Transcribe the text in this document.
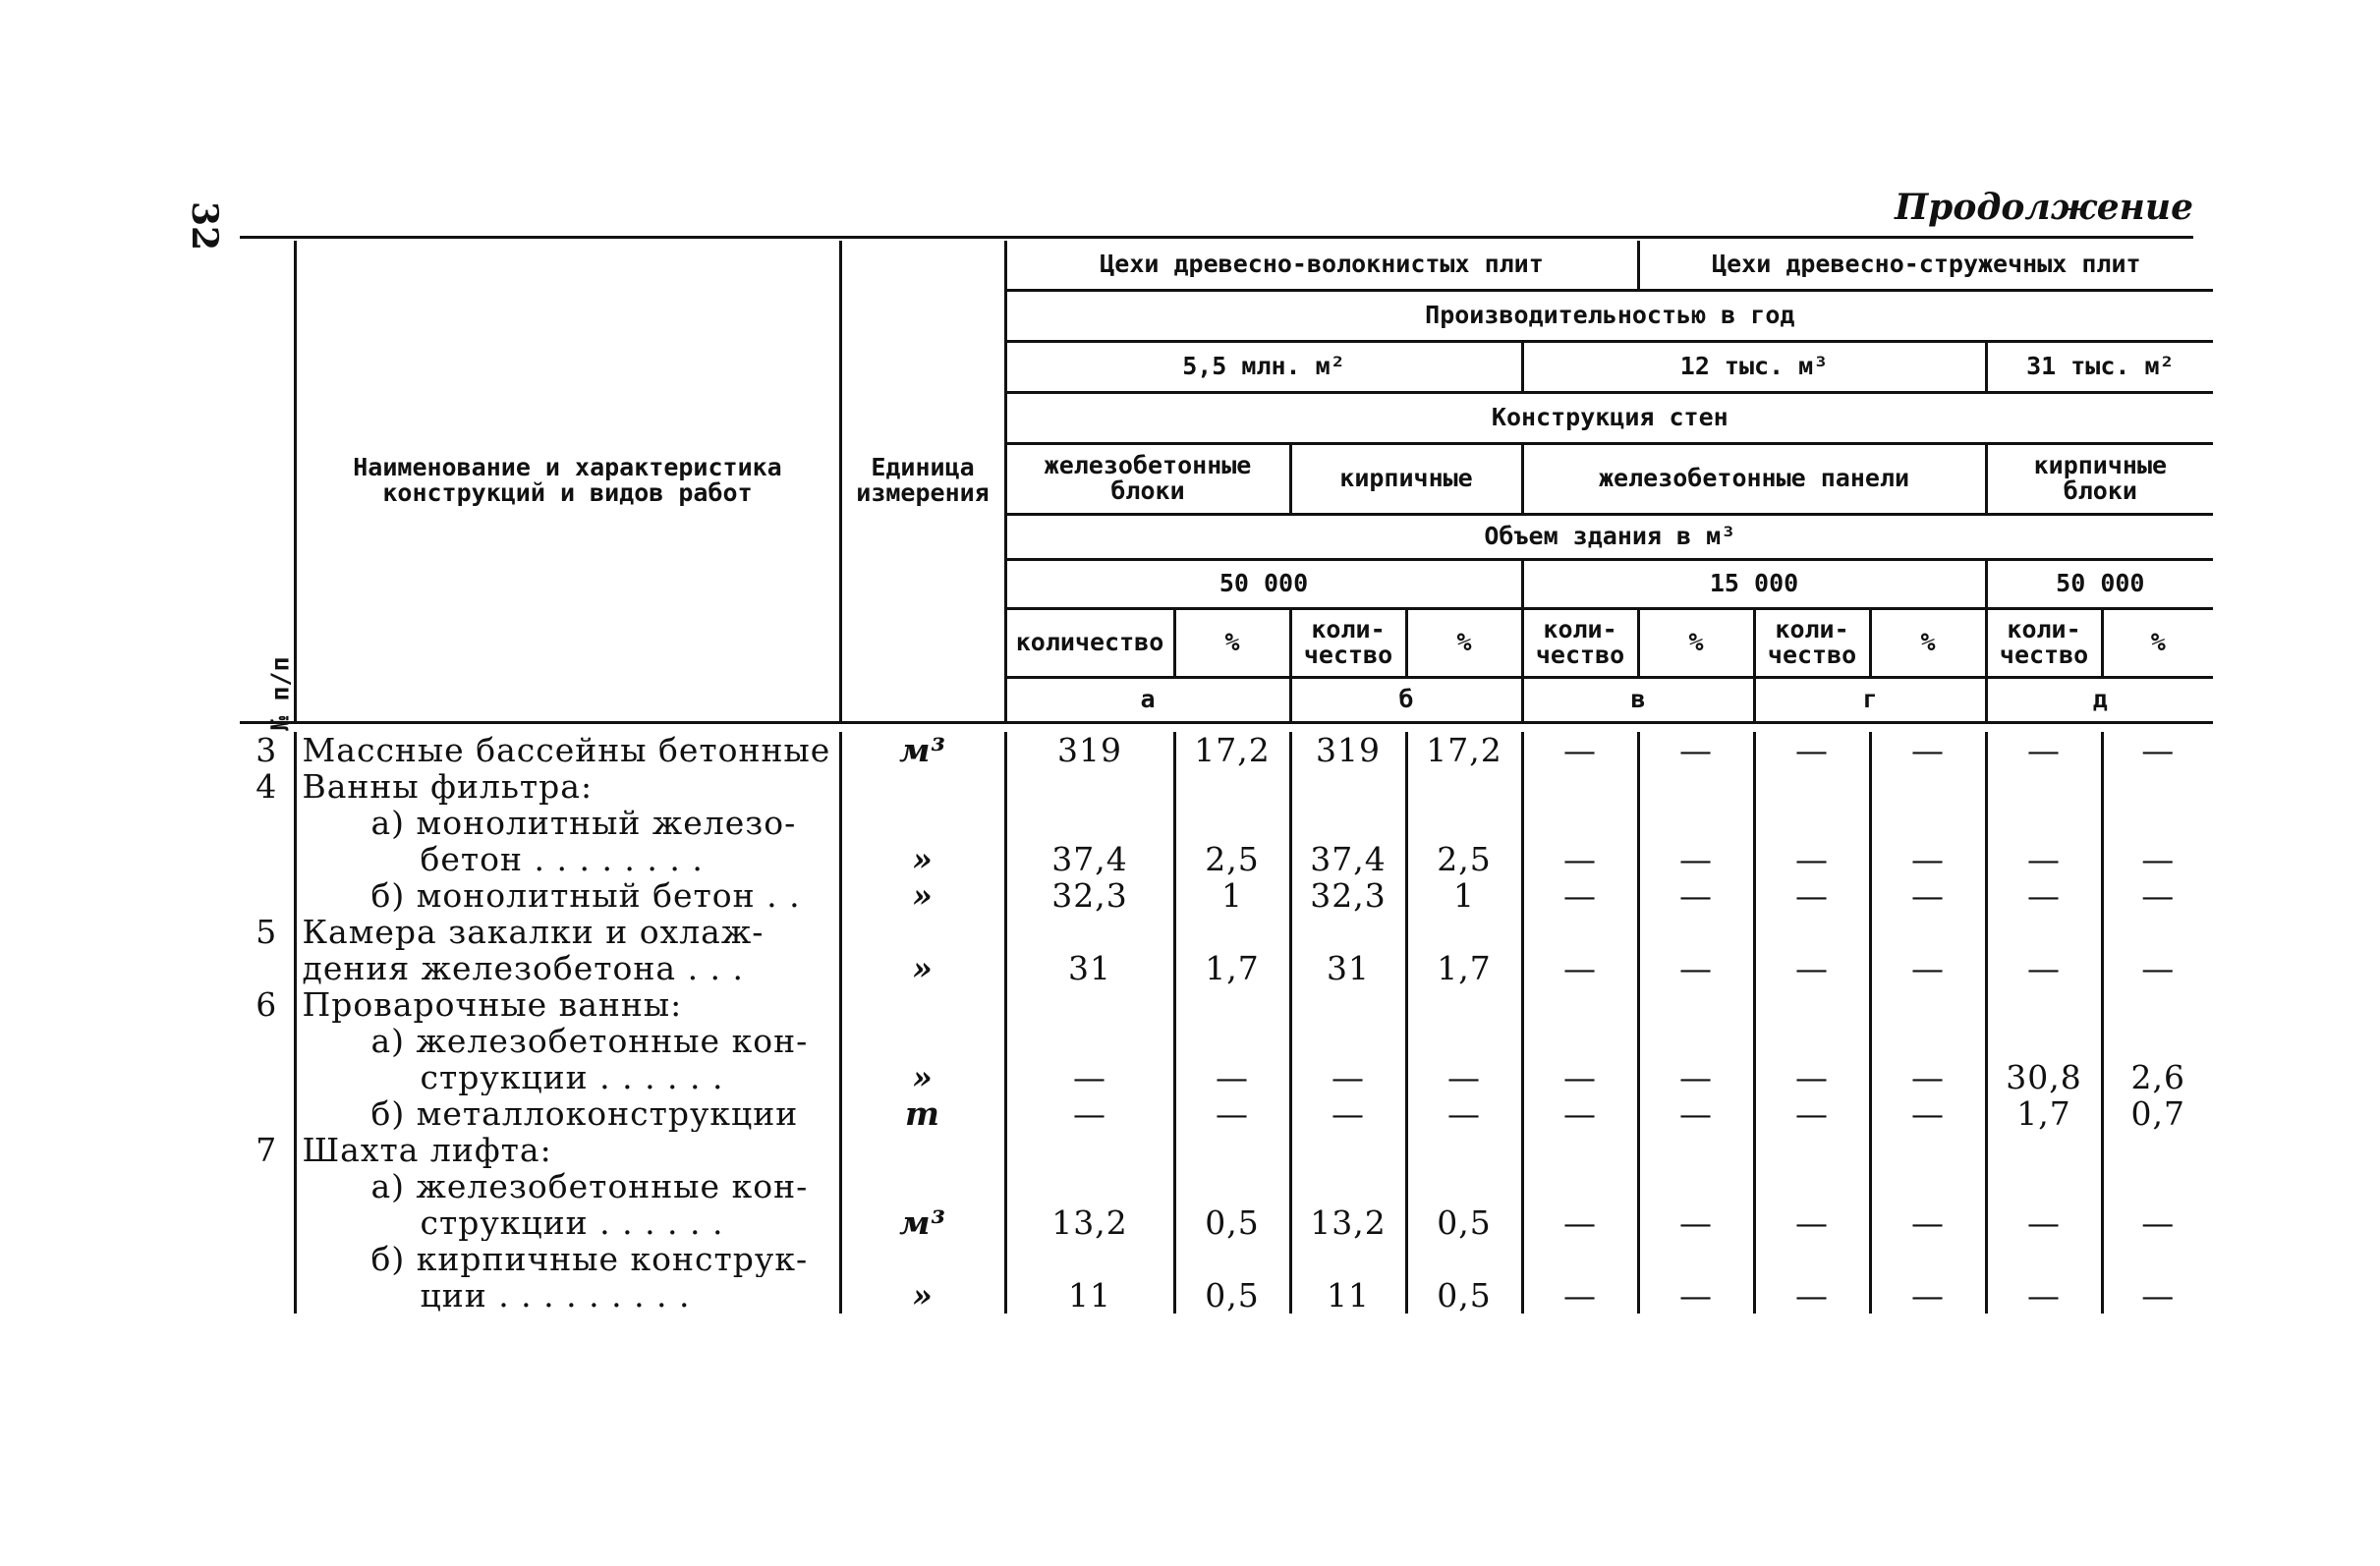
32	Продолжение
№ п/п	Наименование и характеристика конструкций и видов работ	Единица измерения	Цехи древесно-волокнистых плит					Цехи древесно-стружечных плит				
			Производительностью в год									
			5,5 млн. м²				12 тыс. м³				31 тыс. м²	
			Конструкция стен									
			железобетонные блоки		кирпичные		железобетонные панели				кирпичные блоки	
			Объем здания в м³									
			50 000				15 000				50 000	
			количество	%	коли-чество	%	коли-чество	%	коли-чество	%	коли-чество	%
			а		б		в		г		д	
3	Массные бассейны бетонные	м³	319	17,2	319	17,2	—	—	—	—	—	—
4	Ванны фильтра:											
	а) монолитный железо-											
	бетон . . . . . . . .	»	37,4	2,5	37,4	2,5	—	—	—	—	—	—
	б) монолитный бетон . .	»	32,3	1	32,3	1	—	—	—	—	—	—
5	Камера закалки и охлаж-											
	дения железобетона . . .	»	31	1,7	31	1,7	—	—	—	—	—	—
6	Проварочные ванны:											
	а) железобетонные кон-											
	струкции . . . . . .	»	—	—	—	—	—	—	—	—	30,8	2,6
	б) металлоконструкции	т	—	—	—	—	—	—	—	—	1,7	0,7
7	Шахта лифта:											
	а) железобетонные кон-											
	струкции . . . . . .	м³	13,2	0,5	13,2	0,5	—	—	—	—	—	—
	б) кирпичные конструк-											
	ции . . . . . . . . .	»	11	0,5	11	0,5	—	—	—	—	—	—
